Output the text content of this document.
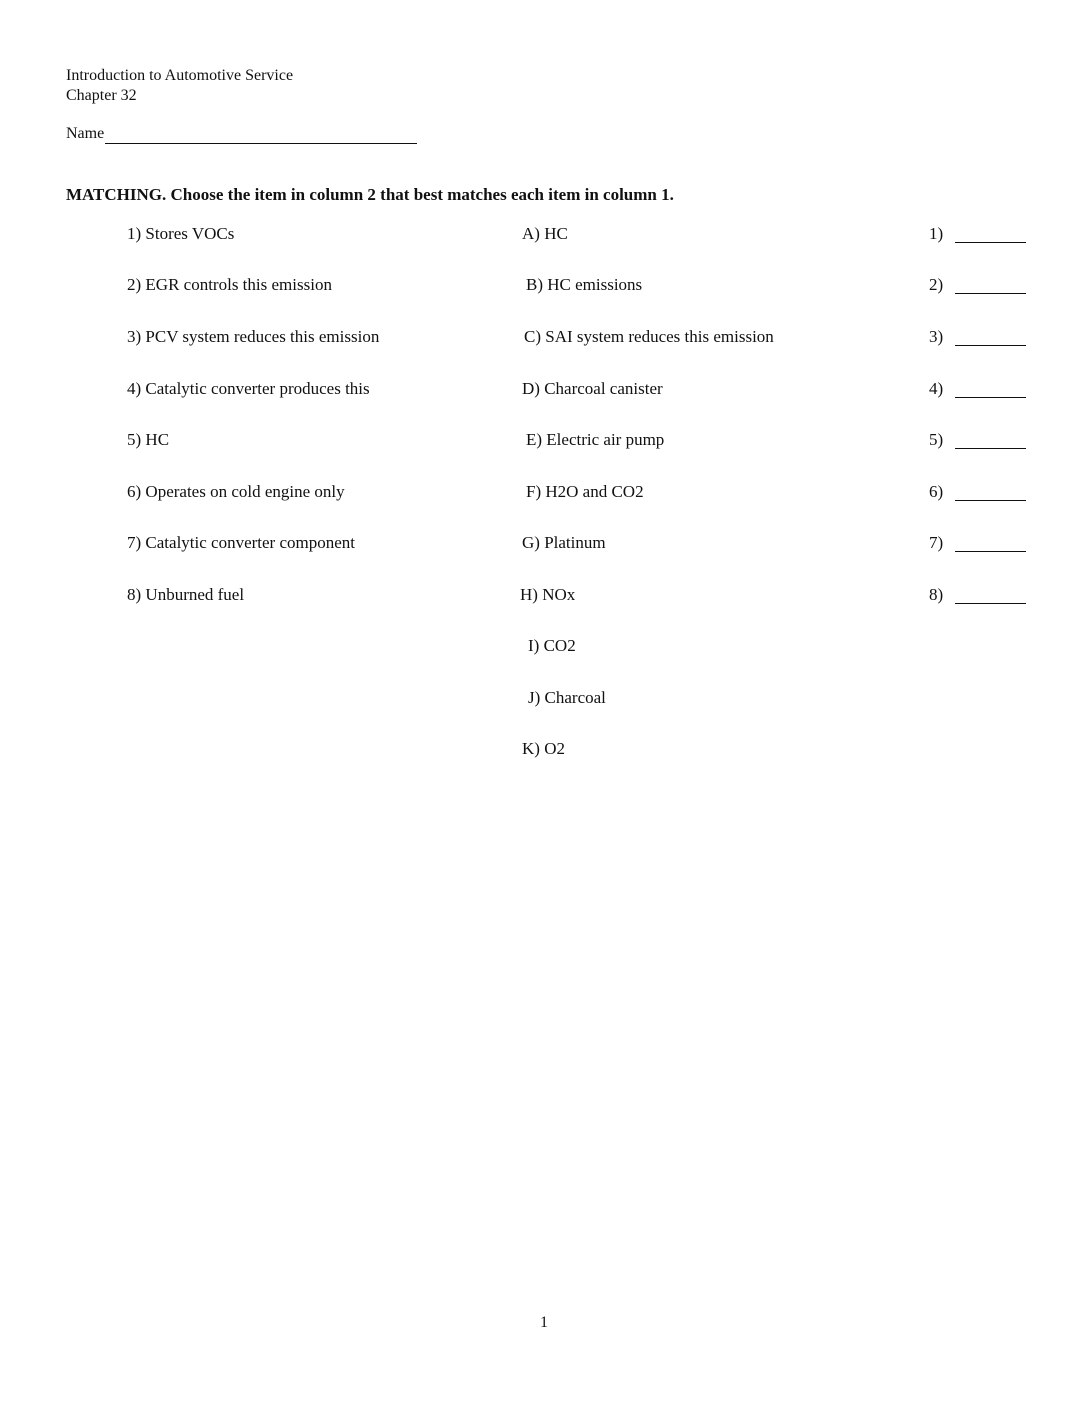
Introduction to Automotive Service
Chapter 32
Name
MATCHING. Choose the item in column 2 that best matches each item in column 1.
1) Stores VOCs	A) HC	1)
2) EGR controls this emission	B) HC emissions	2)
3) PCV system reduces this emission	C) SAI system reduces this emission	3)
4) Catalytic converter produces this	D) Charcoal canister	4)
5) HC	E) Electric air pump	5)
6) Operates on cold engine only	F) H2O and CO2	6)
7) Catalytic converter component	G) Platinum	7)
8) Unburned fuel	H) NOx	8)
I) CO2
J) Charcoal
K) O2
1
